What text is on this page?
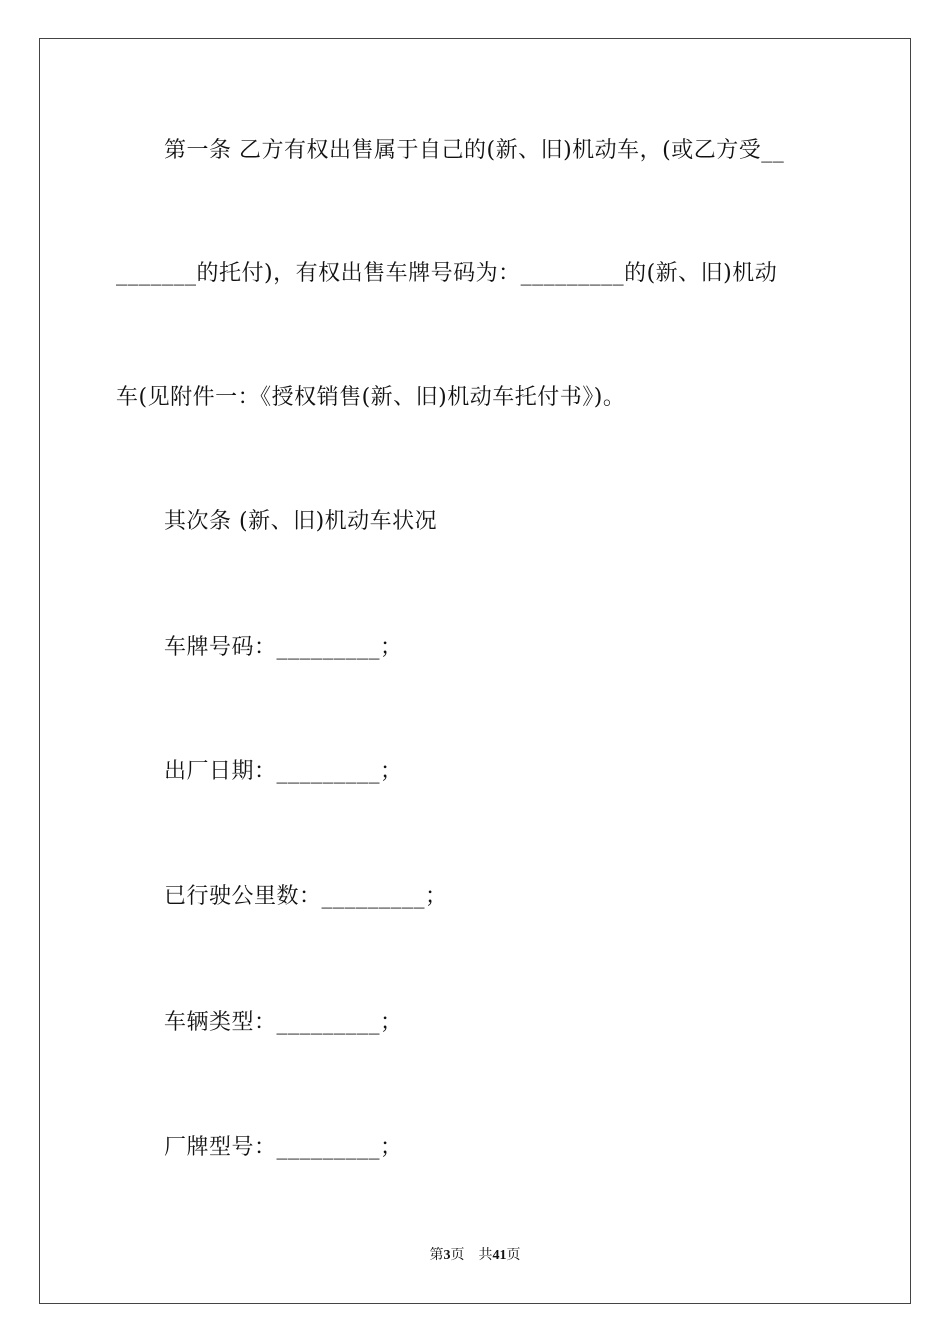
第一条 乙方有权出售属于自己的(新、旧)机动车，(或乙方受__
_______的托付)，有权出售车牌号码为：_________的(新、旧)机动
车(见附件一：《授权销售(新、旧)机动车托付书》)。
其次条 (新、旧)机动车状况
车牌号码：_________；
出厂日期：_________；
已行驶公里数：_________；
车辆类型：_________；
厂牌型号：_________；
第3页 共41页
